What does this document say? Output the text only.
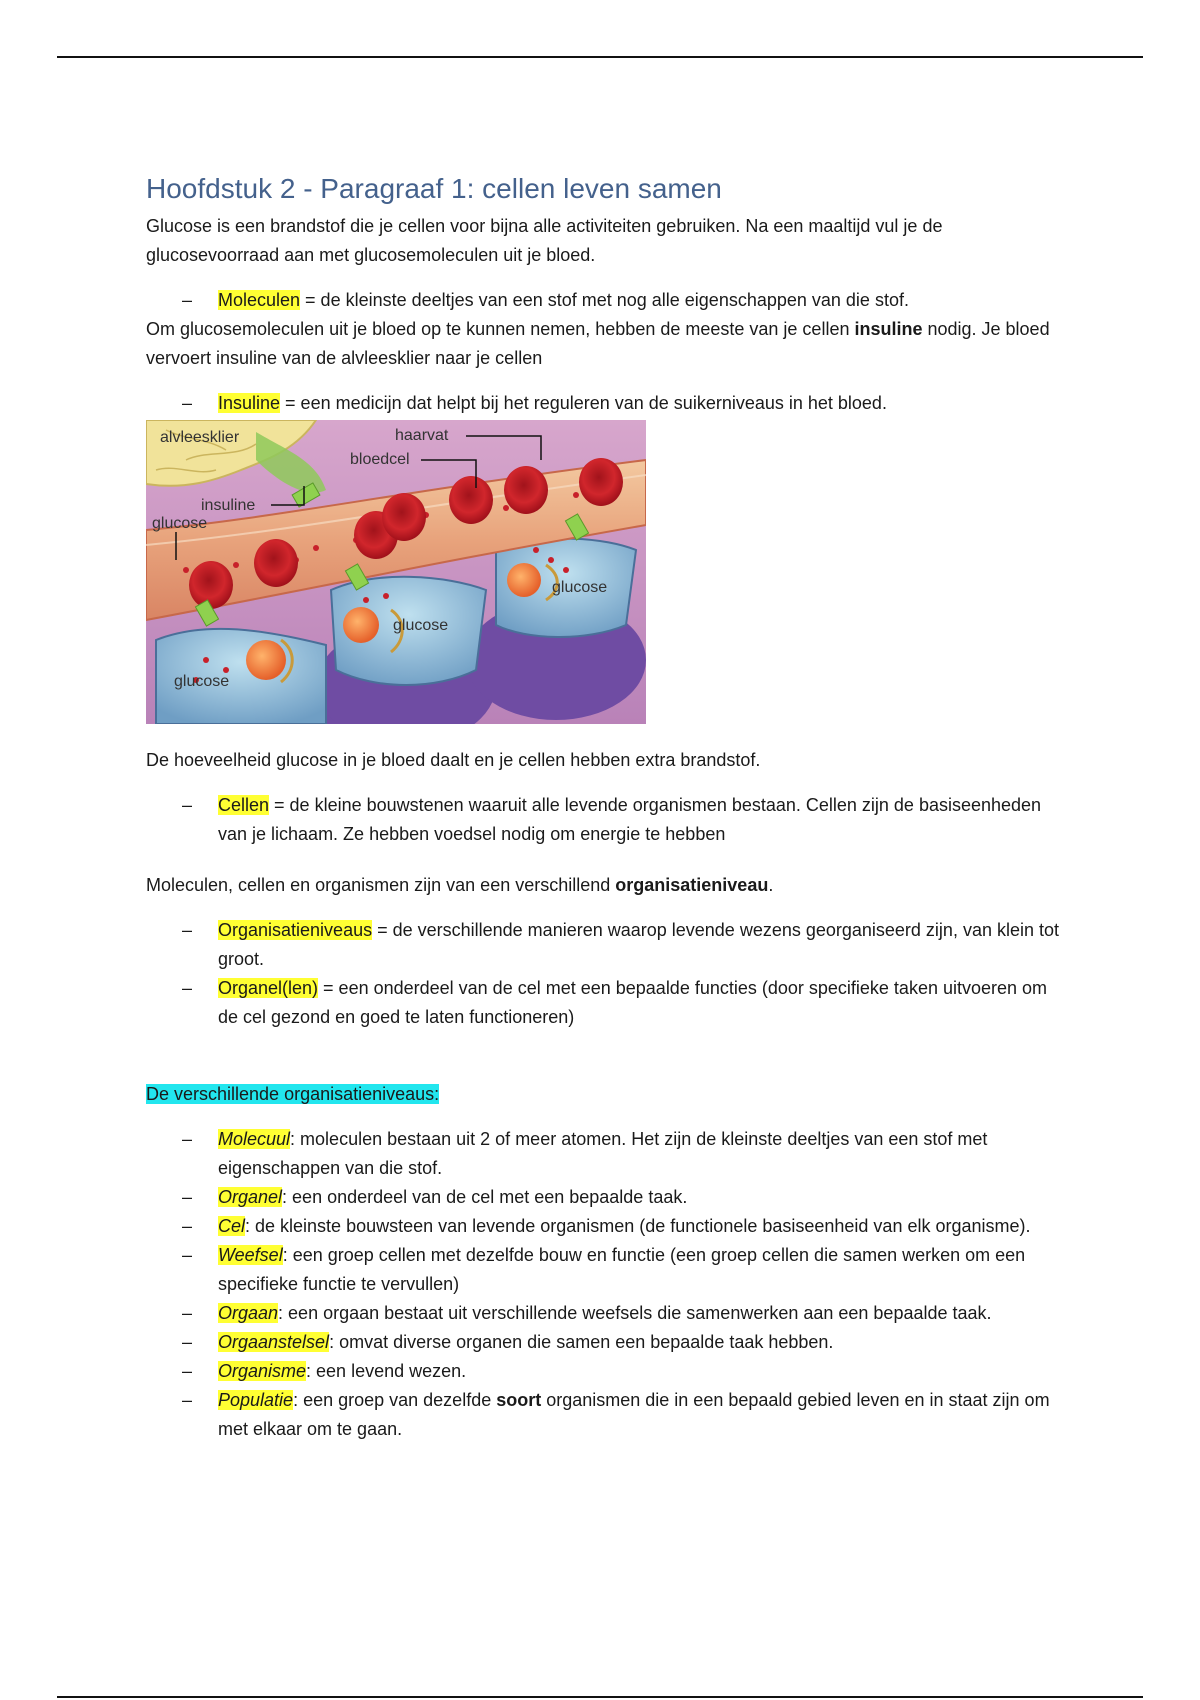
Hoofdstuk 2 - Paragraaf 1: cellen leven samen

Glucose is een brandstof die je cellen voor bijna alle activiteiten gebruiken. Na een maaltijd vul je de glucosevoorraad aan met glucosemoleculen uit je bloed.

– Moleculen = de kleinste deeltjes van een stof met nog alle eigenschappen van die stof.

Om glucosemoleculen uit je bloed op te kunnen nemen, hebben de meeste van je cellen insuline nodig. Je bloed vervoert insuline van de alvleesklier naar je cellen

– Insuline = een medicijn dat helpt bij het reguleren van de suikerniveaus in het bloed.
alvleesklier	haarvat
bloedcel
insuline
glucose
glucose
glucose
glucose

De hoeveelheid glucose in je bloed daalt en je cellen hebben extra brandstof.

– Cellen = de kleine bouwstenen waaruit alle levende organismen bestaan. Cellen zijn de basiseenheden van je lichaam. Ze hebben voedsel nodig om energie te hebben

Moleculen, cellen en organismen zijn van een verschillend organisatieniveau.

– Organisatieniveaus = de verschillende manieren waarop levende wezens georganiseerd zijn, van klein tot groot.
– Organel(len) = een onderdeel van de cel met een bepaalde functies (door specifieke taken uitvoeren om de cel gezond en goed te laten functioneren)

De verschillende organisatieniveaus:

– Molecuul: moleculen bestaan uit 2 of meer atomen. Het zijn de kleinste deeltjes van een stof met eigenschappen van die stof.
– Organel: een onderdeel van de cel met een bepaalde taak.
– Cel: de kleinste bouwsteen van levende organismen (de functionele basiseenheid van elk organisme).
– Weefsel: een groep cellen met dezelfde bouw en functie (een groep cellen die samen werken om een specifieke functie te vervullen)
– Orgaan: een orgaan bestaat uit verschillende weefsels die samenwerken aan een bepaalde taak.
– Orgaanstelsel: omvat diverse organen die samen een bepaalde taak hebben.
– Organisme: een levend wezen.
– Populatie: een groep van dezelfde soort organismen die in een bepaald gebied leven en in staat zijn om met elkaar om te gaan.
